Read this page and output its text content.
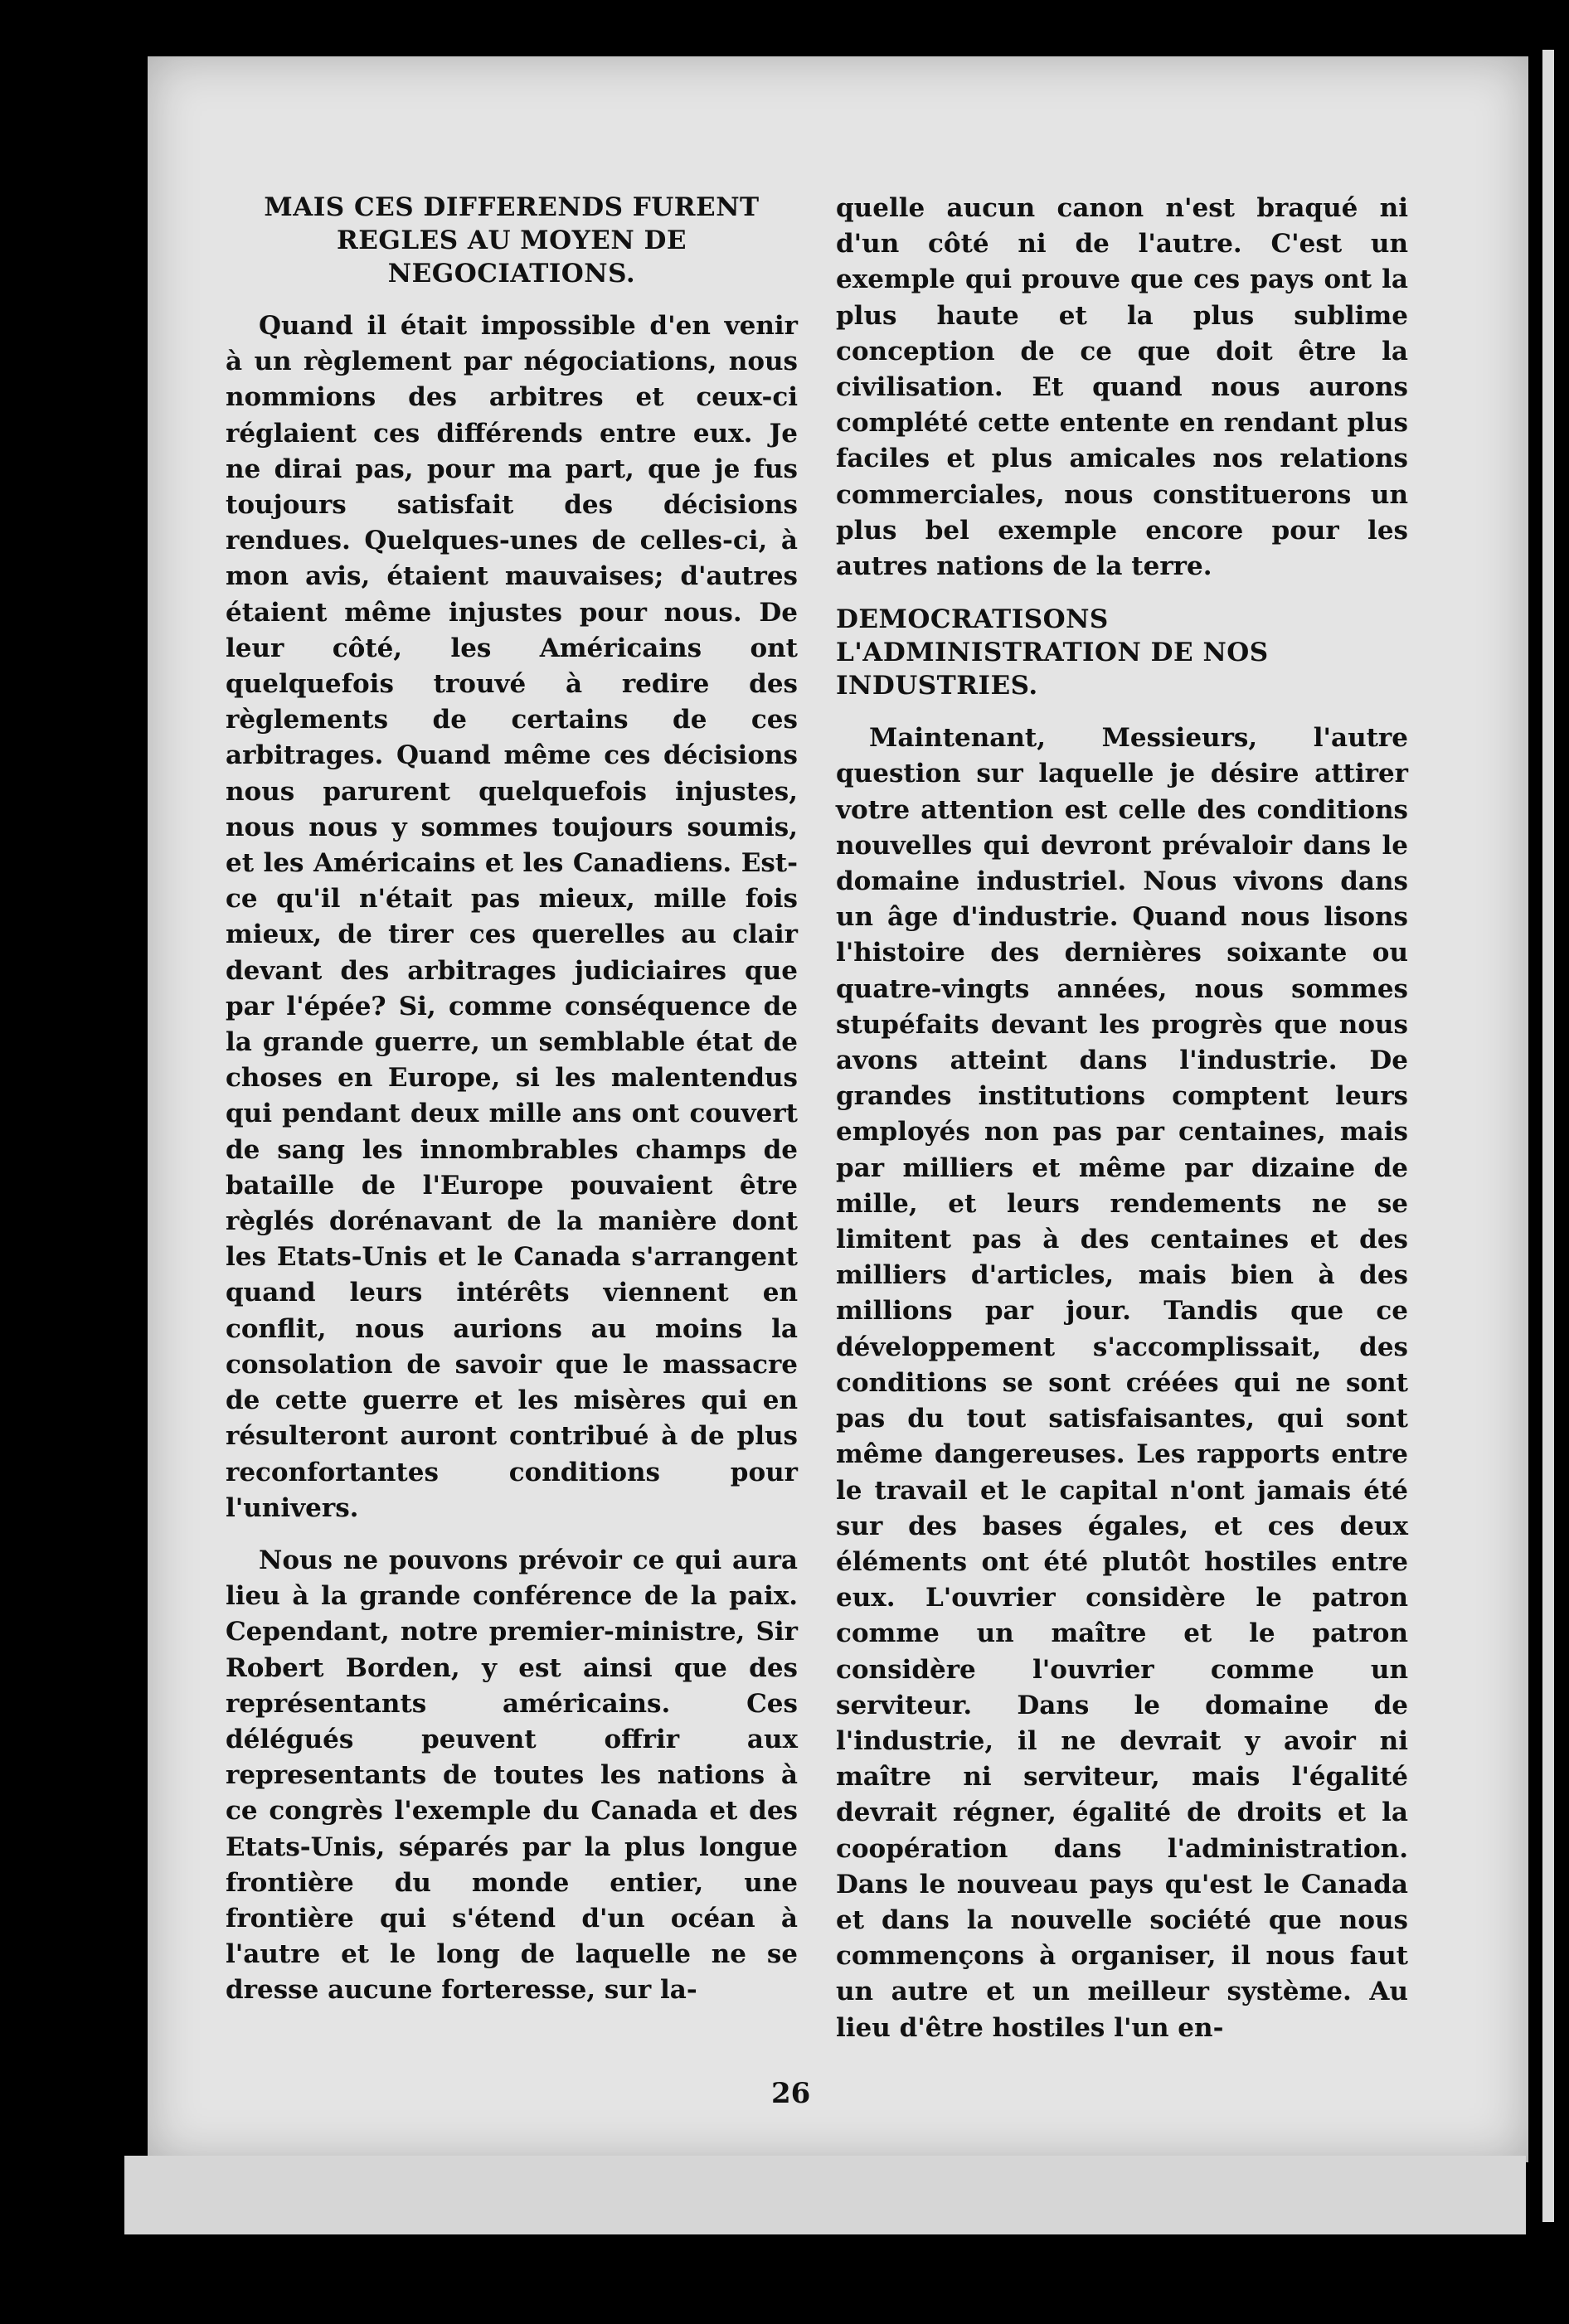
MAIS CES DIFFERENDS FURENT REGLES AU MOYEN DE NEGOCIATIONS.

Quand il était impossible d'en venir à un règlement par négociations, nous nommions des arbitres et ceux-ci réglaient ces différends entre eux. Je ne dirai pas, pour ma part, que je fus toujours satisfait des décisions rendues. Quelques-unes de celles-ci, à mon avis, étaient mauvaises; d'autres étaient même injustes pour nous. De leur côté, les Américains ont quelquefois trouvé à redire des règlements de certains de ces arbitrages. Quand même ces décisions nous parurent quelquefois injustes, nous nous y sommes toujours soumis, et les Américains et les Canadiens. Est-ce qu'il n'était pas mieux, mille fois mieux, de tirer ces querelles au clair devant des arbitrages judiciaires que par l'épée? Si, comme conséquence de la grande guerre, un semblable état de choses en Europe, si les malentendus qui pendant deux mille ans ont couvert de sang les innombrables champs de bataille de l'Europe pouvaient être règlés dorénavant de la manière dont les Etats-Unis et le Canada s'arrangent quand leurs intérêts viennent en conflit, nous aurions au moins la consolation de savoir que le massacre de cette guerre et les misères qui en résulteront auront contribué à de plus reconfortantes conditions pour l'univers.

Nous ne pouvons prévoir ce qui aura lieu à la grande conférence de la paix. Cependant, notre premier-ministre, Sir Robert Borden, y est ainsi que des représentants américains. Ces délégués peuvent offrir aux representants de toutes les nations à ce congrès l'exemple du Canada et des Etats-Unis, séparés par la plus longue frontière du monde entier, une frontière qui s'étend d'un océan à l'autre et le long de laquelle ne se dresse aucune forteresse, sur la-

quelle aucun canon n'est braqué ni d'un côté ni de l'autre. C'est un exemple qui prouve que ces pays ont la plus haute et la plus sublime conception de ce que doit être la civilisation. Et quand nous aurons complété cette entente en rendant plus faciles et plus amicales nos relations commerciales, nous constituerons un plus bel exemple encore pour les autres nations de la terre.

DEMOCRATISONS L'ADMINISTRATION DE NOS INDUSTRIES.

Maintenant, Messieurs, l'autre question sur laquelle je désire attirer votre attention est celle des conditions nouvelles qui devront prévaloir dans le domaine industriel. Nous vivons dans un âge d'industrie. Quand nous lisons l'histoire des dernières soixante ou quatre-vingts années, nous sommes stupéfaits devant les progrès que nous avons atteint dans l'industrie. De grandes institutions comptent leurs employés non pas par centaines, mais par milliers et même par dizaine de mille, et leurs rendements ne se limitent pas à des centaines et des milliers d'articles, mais bien à des millions par jour. Tandis que ce développement s'accomplissait, des conditions se sont créées qui ne sont pas du tout satisfaisantes, qui sont même dangereuses. Les rapports entre le travail et le capital n'ont jamais été sur des bases égales, et ces deux éléments ont été plutôt hostiles entre eux. L'ouvrier considère le patron comme un maître et le patron considère l'ouvrier comme un serviteur. Dans le domaine de l'industrie, il ne devrait y avoir ni maître ni serviteur, mais l'égalité devrait régner, égalité de droits et la coopération dans l'administration. Dans le nouveau pays qu'est le Canada et dans la nouvelle société que nous commençons à organiser, il nous faut un autre et un meilleur système. Au lieu d'être hostiles l'un en-

26
